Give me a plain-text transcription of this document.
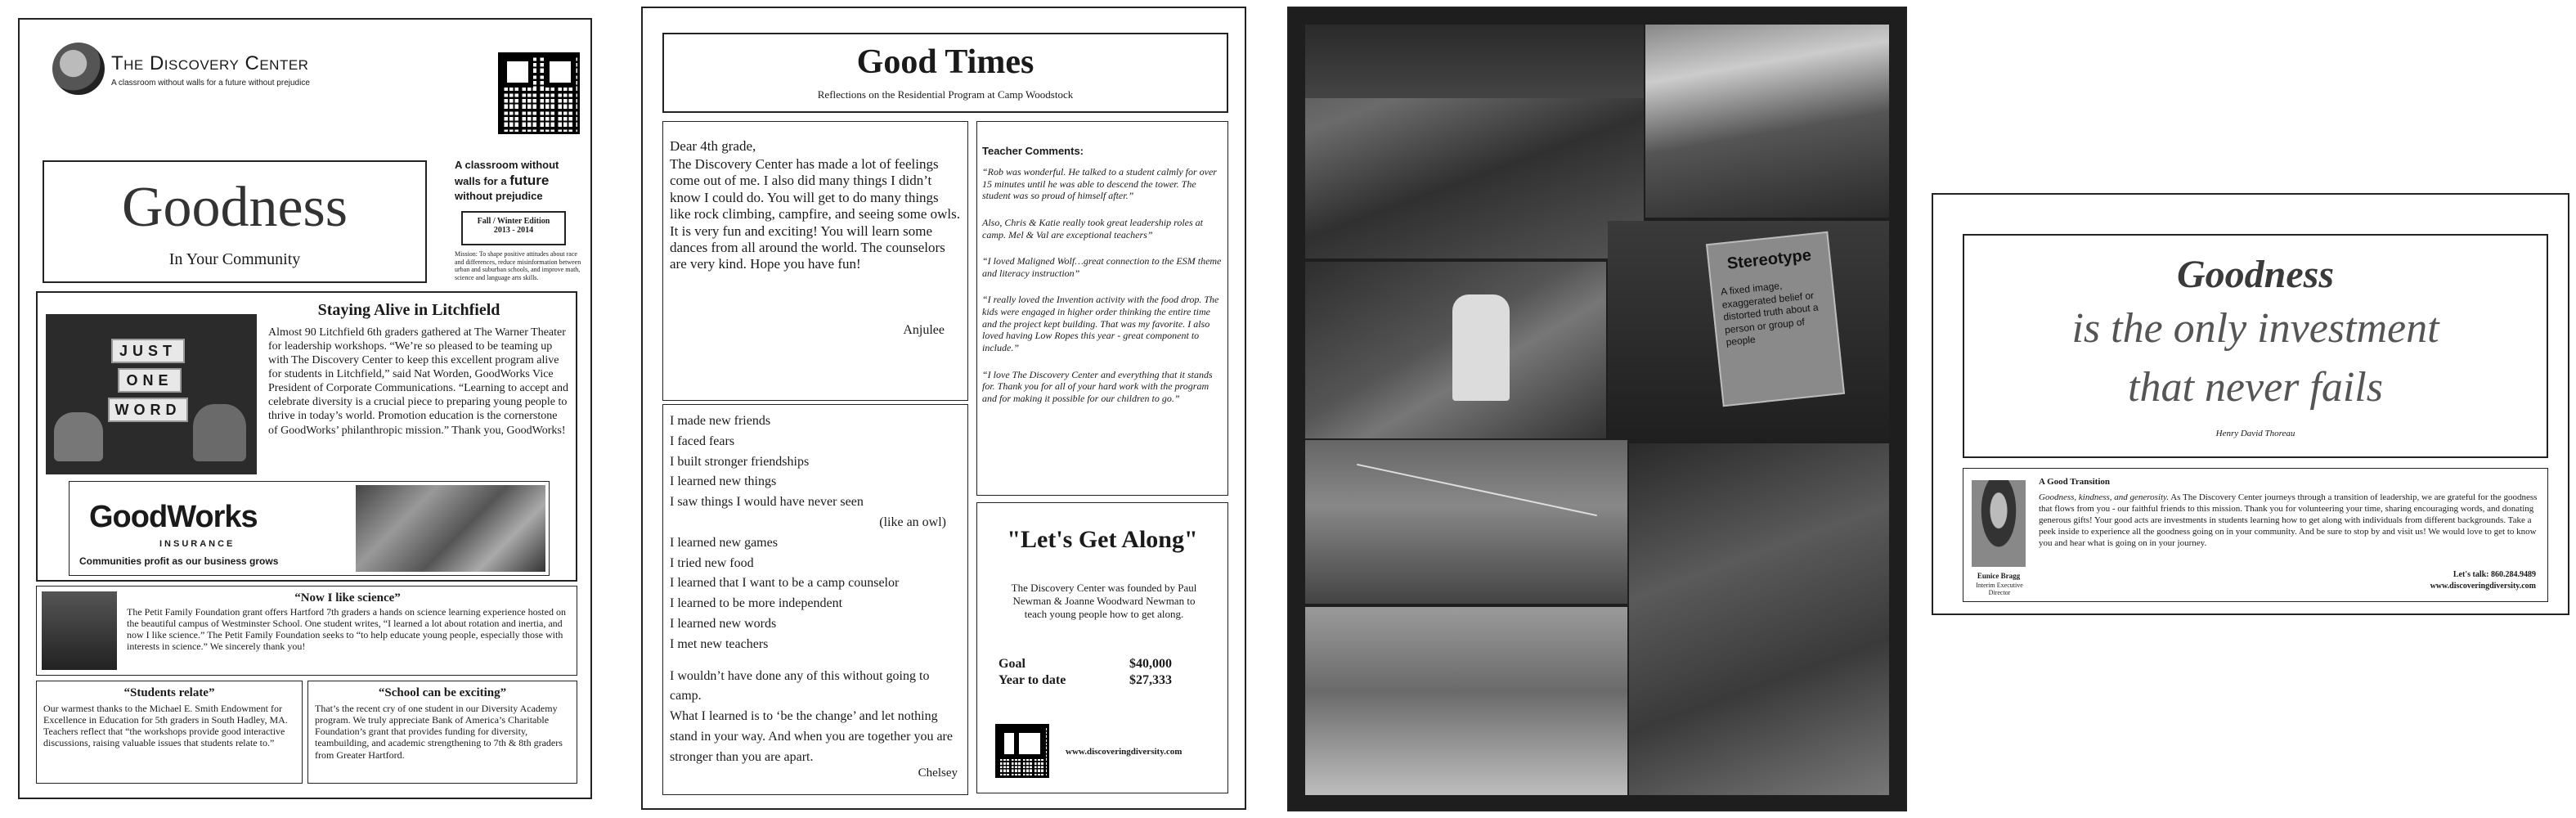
The Discovery Center
A classroom without walls for a future without prejudice
Goodness
In Your Community
A classroom without
walls for a future
without prejudice
Fall / Winter Edition
2013 - 2014
Mission: To shape positive attitudes about race and differences, reduce misinformation between urban and suburban schools, and improve math, science and language arts skills.
Staying Alive in Litchfield
JUST
ONE
WORD

Almost 90 Litchfield 6th graders gathered at The Warner Theater for leadership workshops. “We’re so pleased to be teaming up with The Discovery Center to keep this excellent program alive for students in Litchfield,” said Nat Worden, GoodWorks Vice President of Corporate Communications. “Learning to accept and celebrate diversity is a crucial piece to preparing young people to thrive in today’s world. Promotion education is the cornerstone of GoodWorks’ philanthropic mission.” Thank you, GoodWorks!

GoodWorks
INSURANCE
Communities profit as our business grows
“Now I like science”

The Petit Family Foundation grant offers Hartford 7th graders a hands on science learning experience hosted on the beautiful campus of Westminster School. One student writes, “I learned a lot about rotation and inertia, and now I like science.” The Petit Family Foundation seeks to “to help educate young people, especially those with interests in science.” We sincerely thank you!

“Students relate”

Our warmest thanks to the Michael E. Smith Endowment for Excellence in Education for 5th graders in South Hadley, MA. Teachers reflect that “the workshops provide good interactive discussions, raising valuable issues that students relate to.”

“School can be exciting”

That’s the recent cry of one student in our Diversity Academy program. We truly appreciate Bank of America’s Charitable Foundation’s grant that provides funding for diversity, teambuilding, and academic strengthening to 7th & 8th graders from Greater Hartford.

Good Times
Reflections on the Residential Program at Camp Woodstock
Dear 4th grade,

The Discovery Center has made a lot of feelings come out of me. I also did many things I didn’t know I could do. You will get to do many things like rock climbing, campfire, and seeing some owls. It is very fun and exciting! You will learn some dances from all around the world. The counselors are very kind. Hope you have fun!

Anjulee
I made new friends
I faced fears
I built stronger friendships
I learned new things
I saw things I would have never seen
(like an owl)
I learned new games
I tried new food
I learned that I want to be a camp counselor
I learned to be more independent
I learned new words
I met new teachers
I wouldn’t have done any of this without going to camp.
What I learned is to ‘be the change’ and let nothing stand in your way. And when you are together you are stronger than you are apart.
Chelsey
Teacher Comments:

“Rob was wonderful. He talked to a student calmly for over 15 minutes until he was able to descend the tower. The student was so proud of himself after.”

Also, Chris & Katie really took great leadership roles at camp. Mel & Val are exceptional teachers”

“I loved Maligned Wolf…great connection to the ESM theme and literacy instruction”

“I really loved the Invention activity with the food drop. The kids were engaged in higher order thinking the entire time and the project kept building. That was my favorite. I also loved having Low Ropes this year - great component to include.”

“I love The Discovery Center and everything that it stands for. Thank you for all of your hard work with the program and for making it possible for our children to go.”

"Let's Get Along"

The Discovery Center was founded by Paul Newman & Joanne Woodward Newman to teach young people how to get along.

Goal	$40,000
Year to date	$27,333
www.discoveringdiversity.com
Stereotype
A fixed image, exaggerated belief or distorted truth about a person or group of people
Goodness
is the only investment
that never fails
Henry David Thoreau
Eunice Bragg
Interim Executive Director
A Good Transition

Goodness, kindness, and generosity. As The Discovery Center journeys through a transition of leadership, we are grateful for the goodness that flows from you - our faithful friends to this mission. Thank you for volunteering your time, sharing encouraging words, and donating generous gifts! Your good acts are investments in students learning how to get along with individuals from different backgrounds. Take a peek inside to experience all the goodness going on in your community. And be sure to stop by and visit us! We would love to get to know you and hear what is going on in your journey.

Let's talk: 860.284.9489
www.discoveringdiversity.com
